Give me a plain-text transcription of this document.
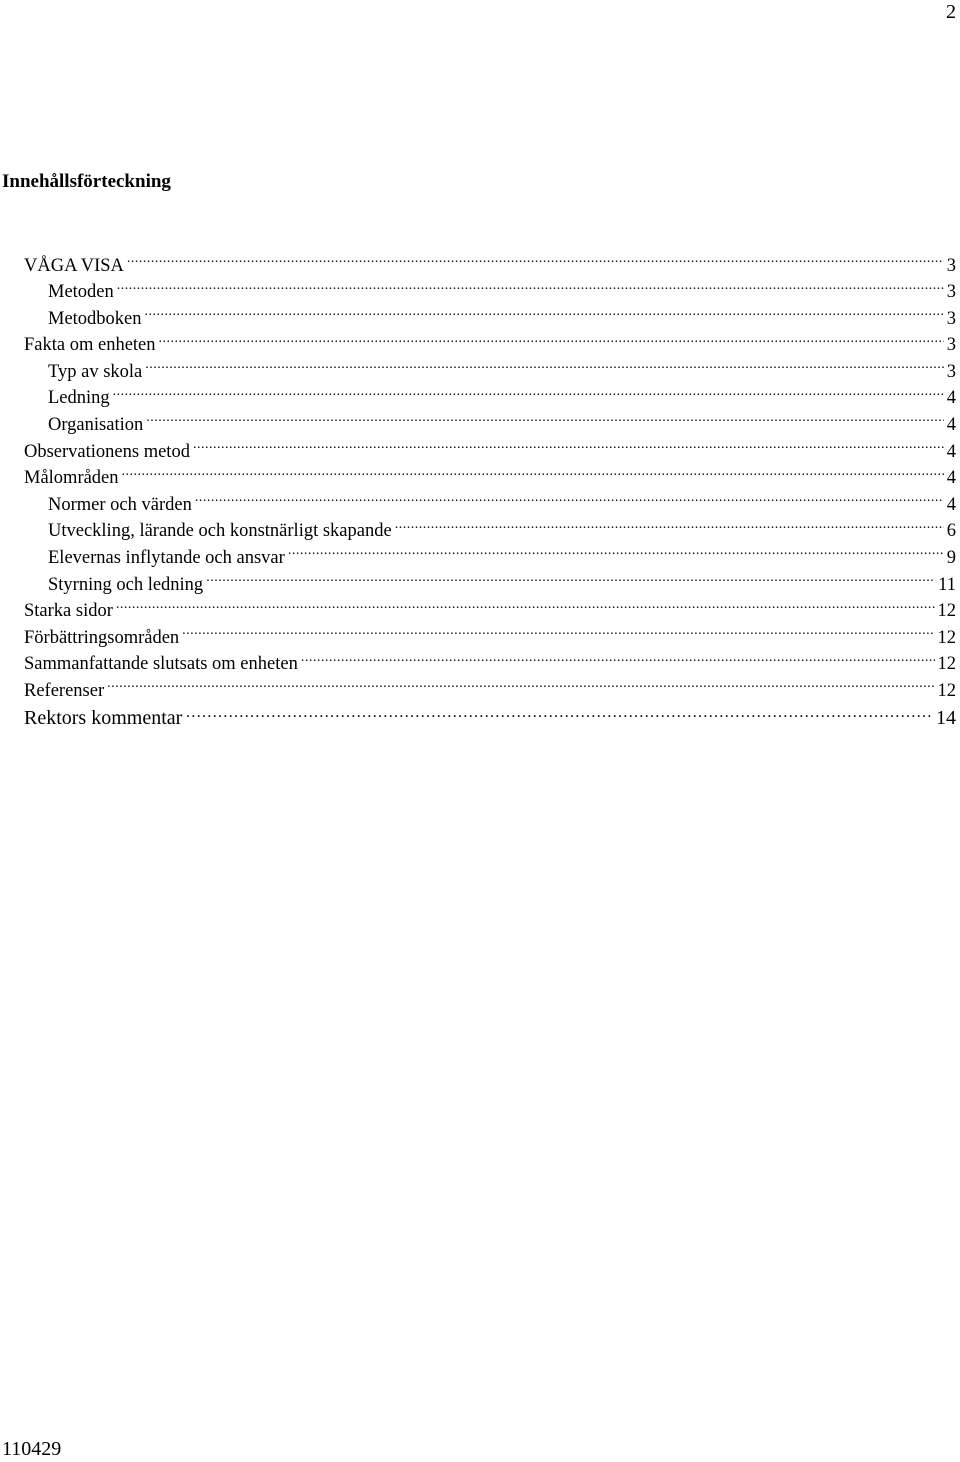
2
Innehållsförteckning
VÅGA VISA .....	3
Metoden .....	3
Metodboken .....	3
Fakta om enheten .....	3
Typ av skola .....	3
Ledning .....	4
Organisation .....	4
Observationens metod .....	4
Målområden .....	4
Normer och värden .....	4
Utveckling, lärande och konstnärligt skapande .....	6
Elevernas inflytande och ansvar .....	9
Styrning och ledning .....	11
Starka sidor .....	12
Förbättringsområden .....	12
Sammanfattande slutsats om enheten .....	12
Referenser .....	12
Rektors kommentar …………………………………………………………………………………………………………………………………………………………………………	14
110429
